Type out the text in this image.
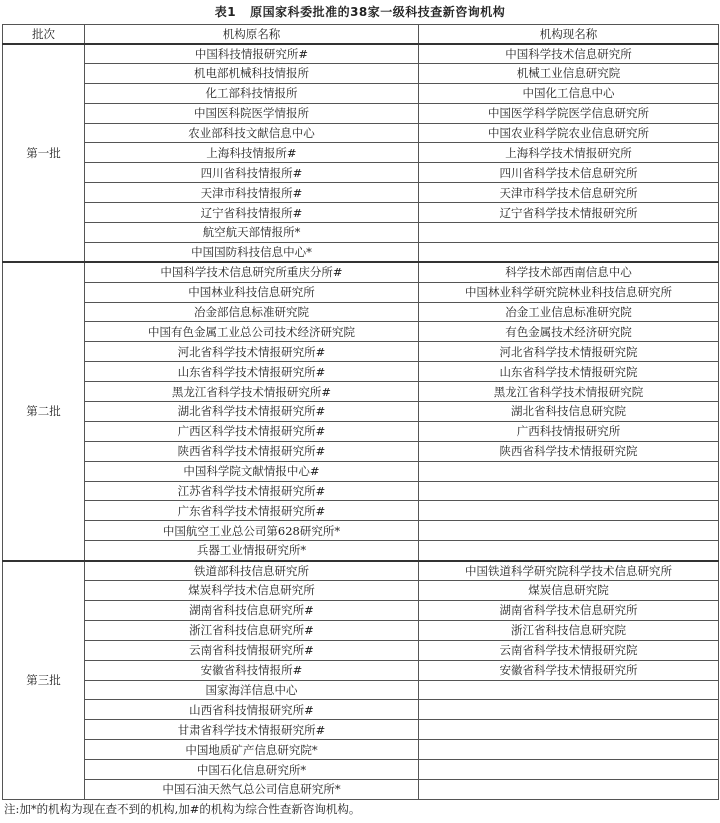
表1 原国家科委批准的38家一级科技查新咨询机构
批次	机构原名称	机构现名称
第一批	中国科技情报研究所#	中国科学技术信息研究所
	机电部机械科技情报所	机械工业信息研究院
	化工部科技情报所	中国化工信息中心
	中国医科院医学情报所	中国医学科学院医学信息研究所
	农业部科技文献信息中心	中国农业科学院农业信息研究所
	上海科技情报所#	上海科学技术情报研究所
	四川省科技情报所#	四川省科学技术信息研究所
	天津市科技情报所#	天津市科学技术信息研究所
	辽宁省科技情报所#	辽宁省科学技术情报研究所
	航空航天部情报所*	
	中国国防科技信息中心*	
第二批	中国科学技术信息研究所重庆分所#	科学技术部西南信息中心
	中国林业科技信息研究所	中国林业科学研究院林业科技信息研究所
	冶金部信息标准研究院	冶金工业信息标准研究院
	中国有色金属工业总公司技术经济研究院	有色金属技术经济研究院
	河北省科学技术情报研究所#	河北省科学技术情报研究院
	山东省科学技术情报研究所#	山东省科学技术情报研究院
	黑龙江省科学技术情报研究所#	黑龙江省科学技术情报研究院
	湖北省科学技术情报研究所#	湖北省科技信息研究院
	广西区科学技术情报研究所#	广西科技情报研究所
	陕西省科学技术情报研究所#	陕西省科学技术情报研究院
	中国科学院文献情报中心#	
	江苏省科学技术情报研究所#	
	广东省科学技术情报研究所#	
	中国航空工业总公司第628研究所*	
	兵器工业情报研究所*	
第三批	铁道部科技信息研究所	中国铁道科学研究院科学技术信息研究所
	煤炭科学技术信息研究所	煤炭信息研究院
	湖南省科技信息研究所#	湖南省科学技术信息研究所
	浙江省科技信息研究所#	浙江省科技信息研究院
	云南省科技情报研究所#	云南省科学技术情报研究院
	安徽省科技情报所#	安徽省科学技术情报研究所
	国家海洋信息中心	
	山西省科技情报研究所#	
	甘肃省科学技术情报研究所#	
	中国地质矿产信息研究院*	
	中国石化信息研究所*	
	中国石油天然气总公司信息研究所*	
注:加*的机构为现在查不到的机构,加#的机构为综合性查新咨询机构。
